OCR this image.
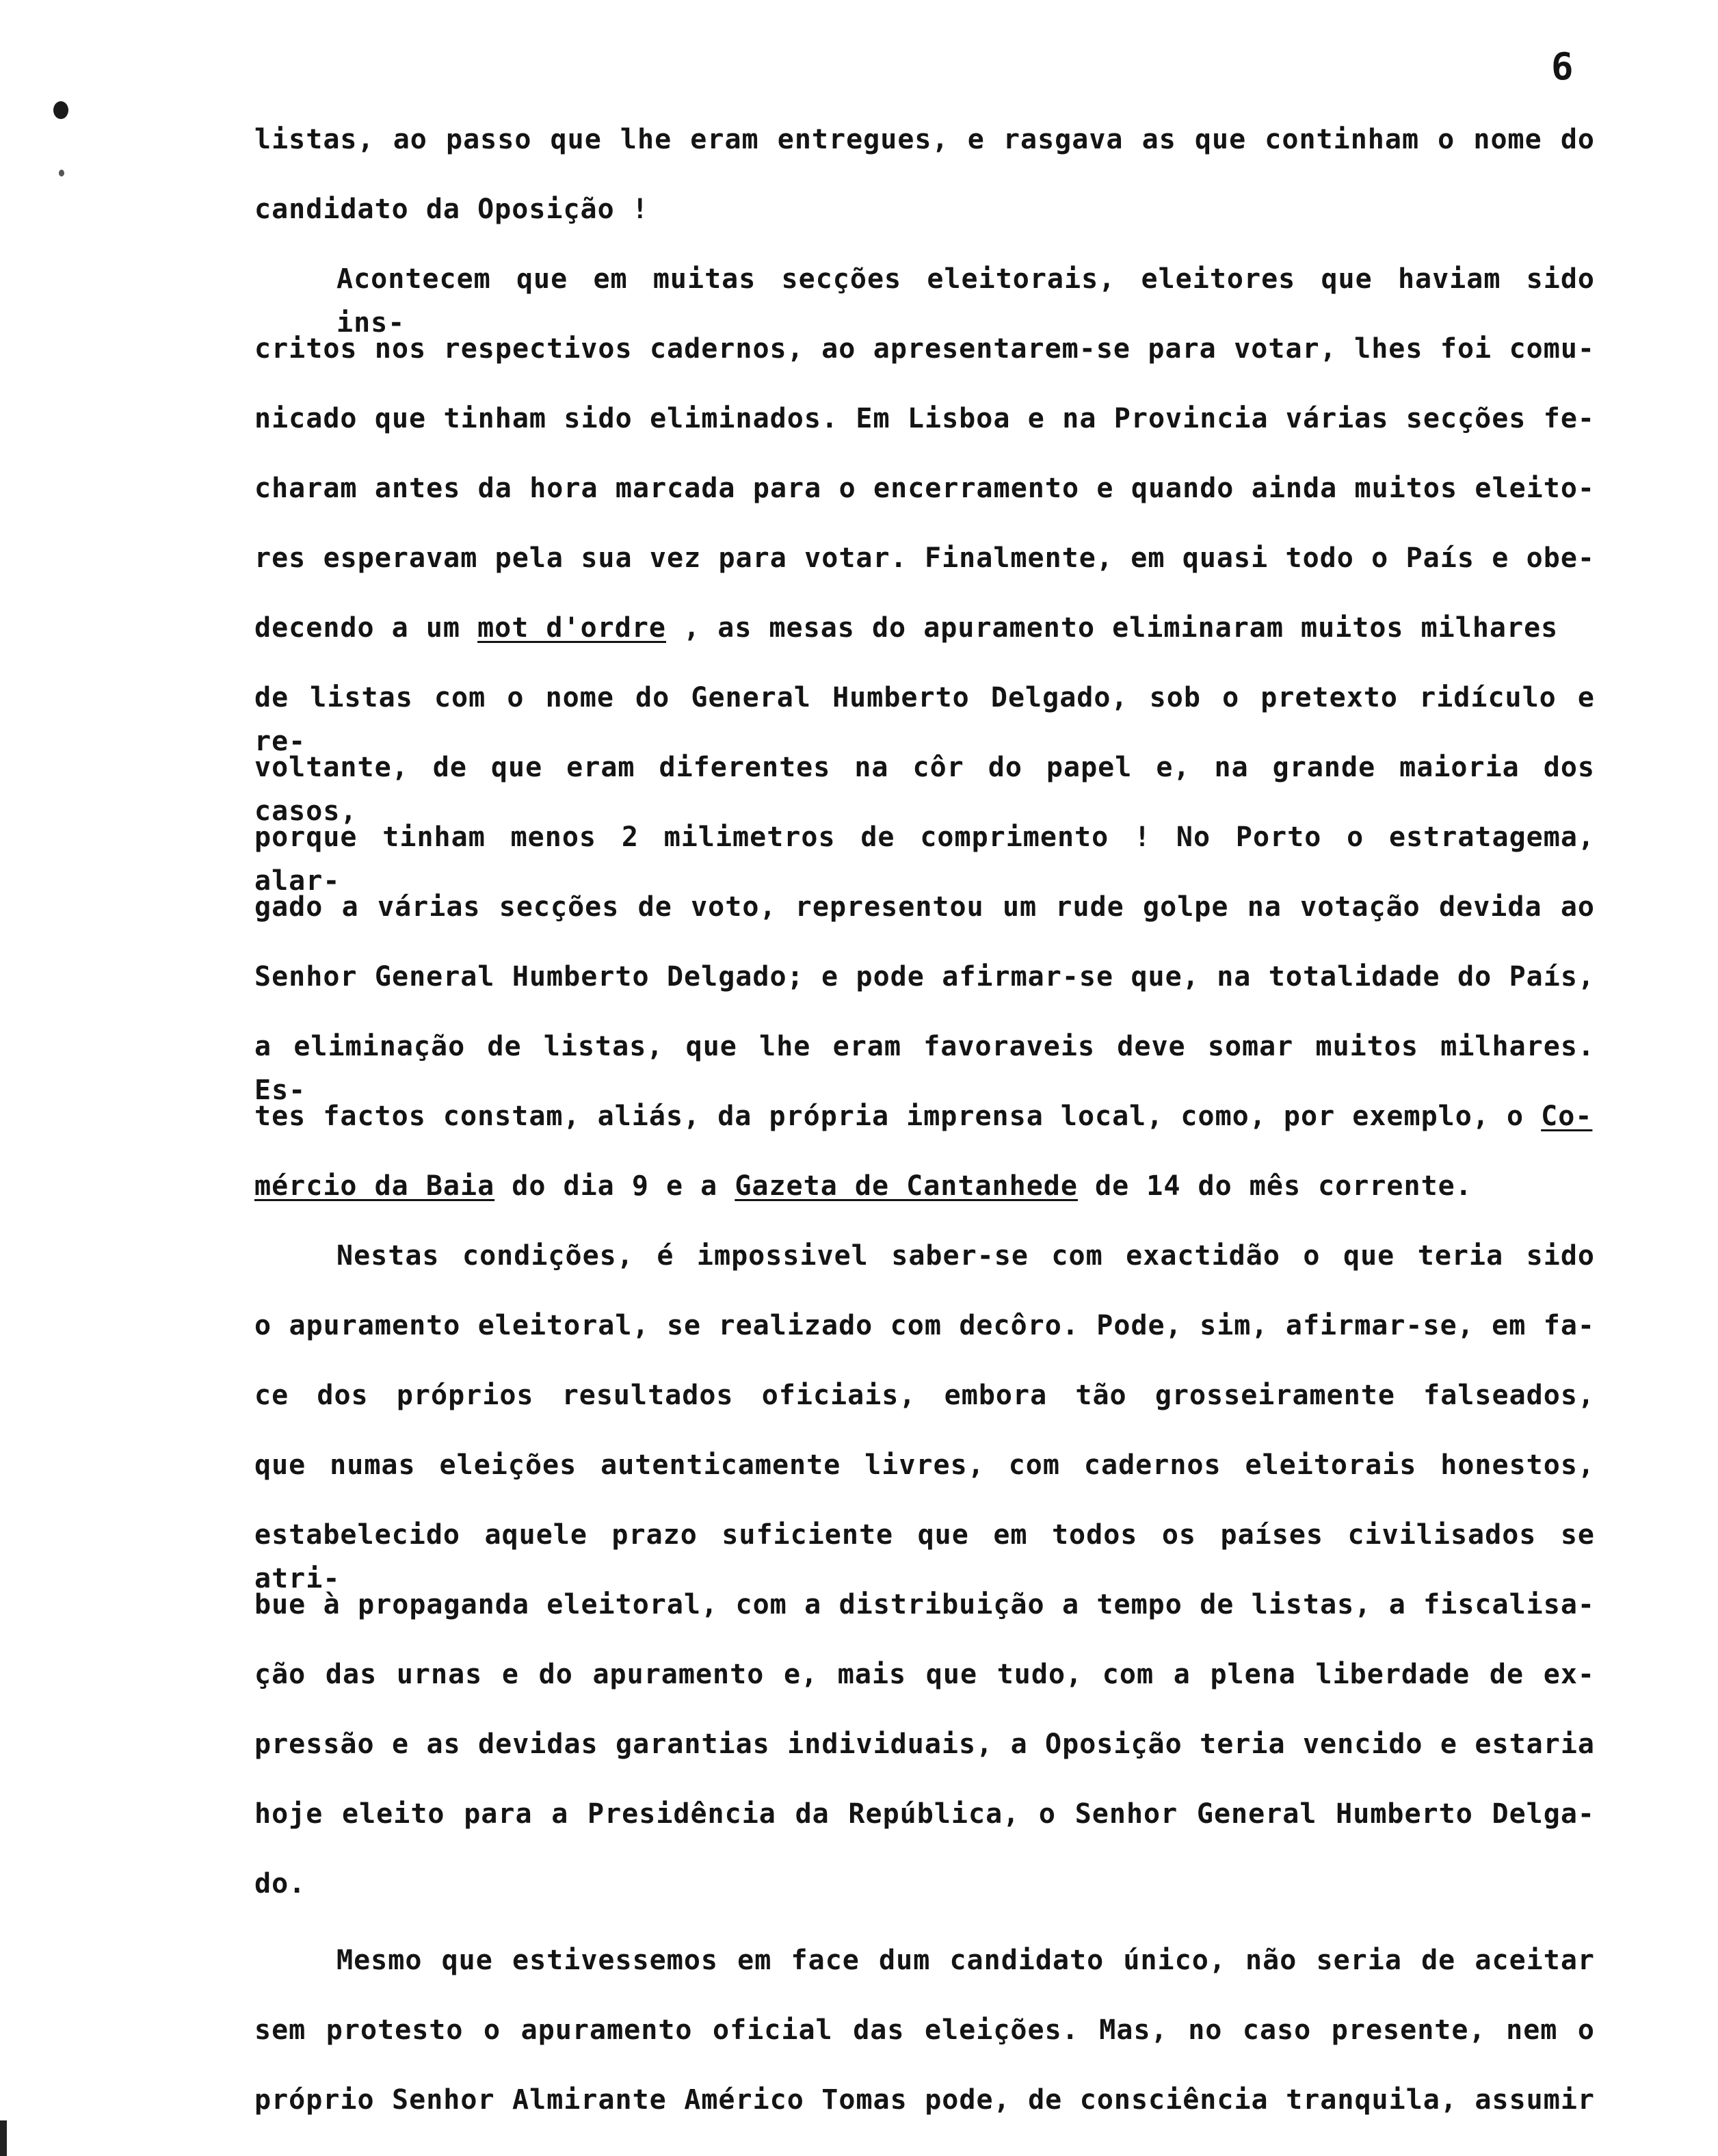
6
listas, ao passo que lhe eram entregues, e rasgava as que continham o nome do
candidato da Oposição !
Acontecem que em muitas secções eleitorais, eleitores que haviam sido ins-
critos nos respectivos cadernos, ao apresentarem-se para votar, lhes foi comu-
nicado que tinham sido eliminados. Em Lisboa e na Provincia várias secções fe-
charam antes da hora marcada para o encerramento e quando ainda muitos eleito-
res esperavam pela sua vez para votar. Finalmente, em quasi todo o País e obe-
decendo a um mot d'ordre , as mesas do apuramento eliminaram muitos milhares
de listas com o nome do General Humberto Delgado, sob o pretexto ridículo e re-
voltante, de que eram diferentes na côr do papel e, na grande maioria dos casos,
porque tinham menos 2 milimetros de comprimento ! No Porto o estratagema, alar-
gado a várias secções de voto, representou um rude golpe na votação devida ao
Senhor General Humberto Delgado; e pode afirmar-se que, na totalidade do País,
a eliminação de listas, que lhe eram favoraveis deve somar muitos milhares. Es-
tes factos constam, aliás, da própria imprensa local, como, por exemplo, o Co-
mércio da Baia do dia 9 e a Gazeta de Cantanhede de 14 do mês corrente.
Nestas condições, é impossivel saber-se com exactidão o que teria sido
o apuramento eleitoral, se realizado com decôro. Pode, sim, afirmar-se, em fa-
ce dos próprios resultados oficiais, embora tão grosseiramente falseados,
que numas eleições autenticamente livres, com cadernos eleitorais honestos,
estabelecido aquele prazo suficiente que em todos os países civilisados se atri-
bue à propaganda eleitoral, com a distribuição a tempo de listas, a fiscalisa-
ção das urnas e do apuramento e, mais que tudo, com a plena liberdade de ex-
pressão e as devidas garantias individuais, a Oposição teria vencido e estaria
hoje eleito para a Presidência da República, o Senhor General Humberto Delga-
do.
Mesmo que estivessemos em face dum candidato único, não seria de aceitar
sem protesto o apuramento oficial das eleições. Mas, no caso presente, nem o
próprio Senhor Almirante Américo Tomas pode, de consciência tranquila, assumir
